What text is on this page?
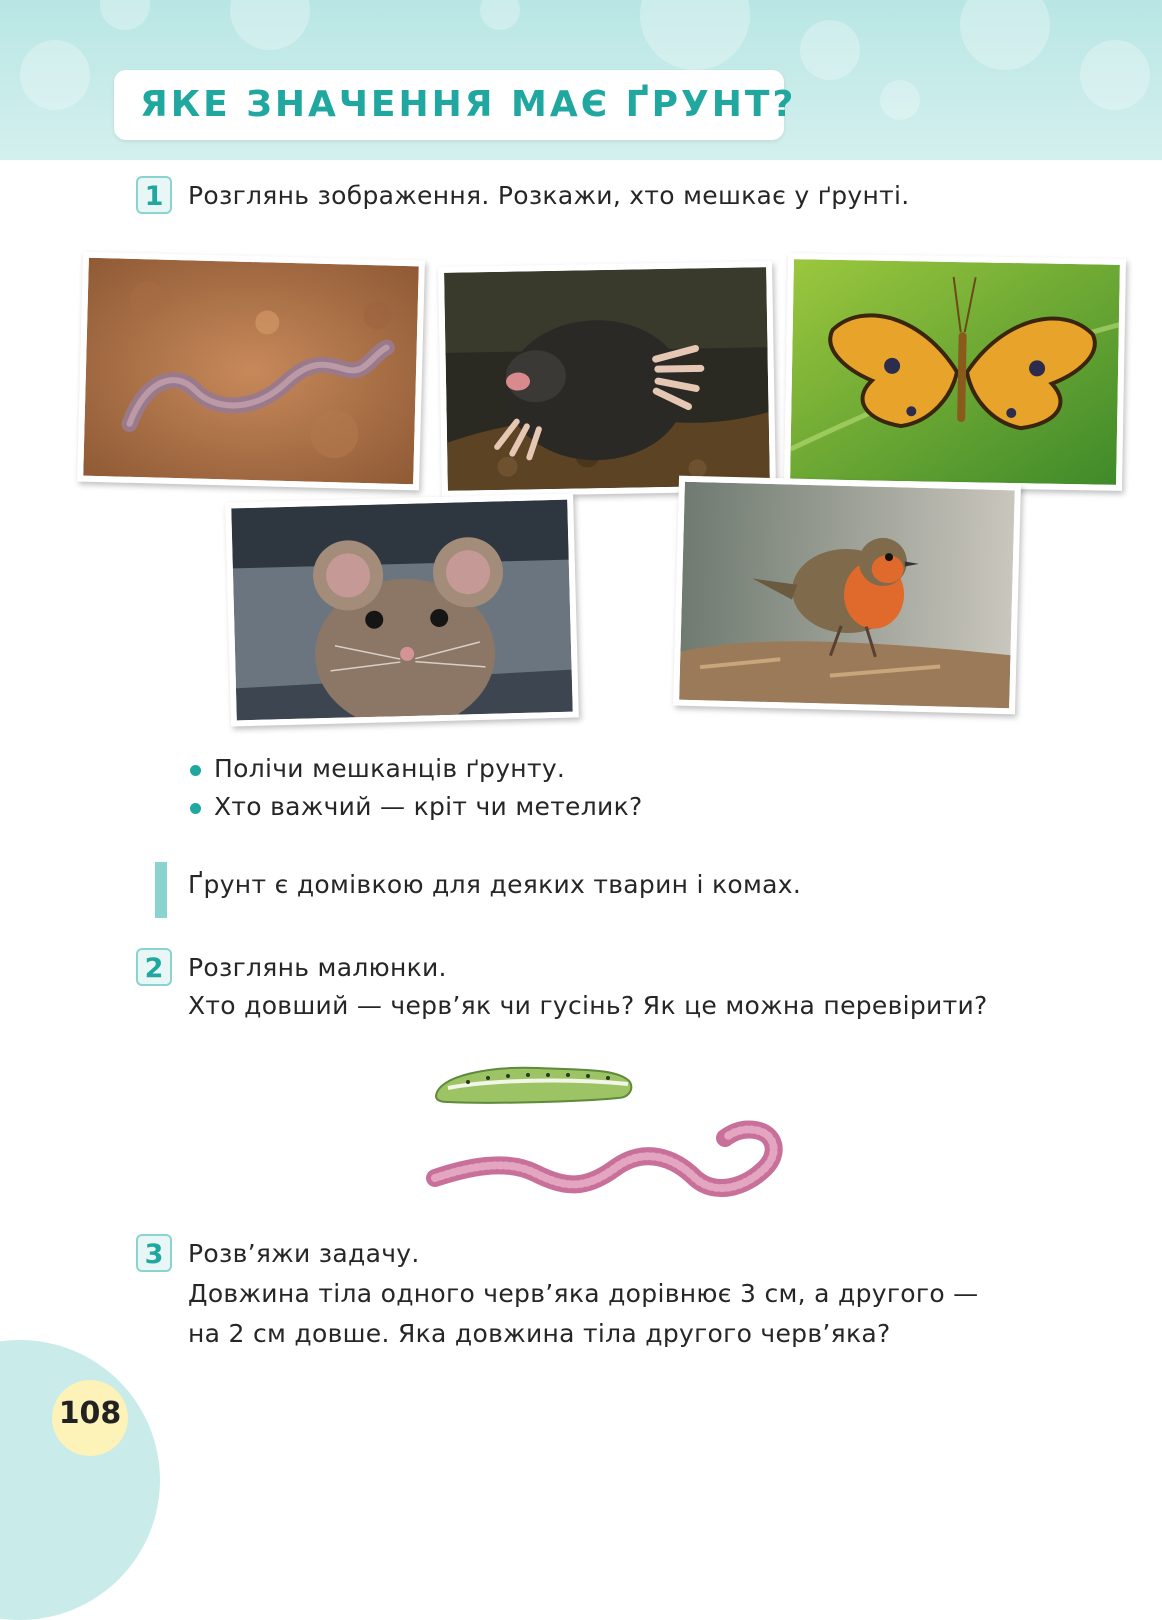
ЯКЕ ЗНАЧЕННЯ МАЄ ҐРУНТ?
1 Розглянь зображення. Розкажи, хто мешкає у ґрунті.
Полічи мешканців ґрунту.
Хто важчий — кріт чи метелик?
Ґрунт є домівкою для деяких тварин і комах.
2 Розглянь малюнки.
Хто довший — черв’як чи гусінь? Як це можна перевірити?
3 Розв’яжи задачу.
Довжина тіла одного черв’яка дорівнює 3 см, а другого —
на 2 см довше. Яка довжина тіла другого черв’яка?
108
